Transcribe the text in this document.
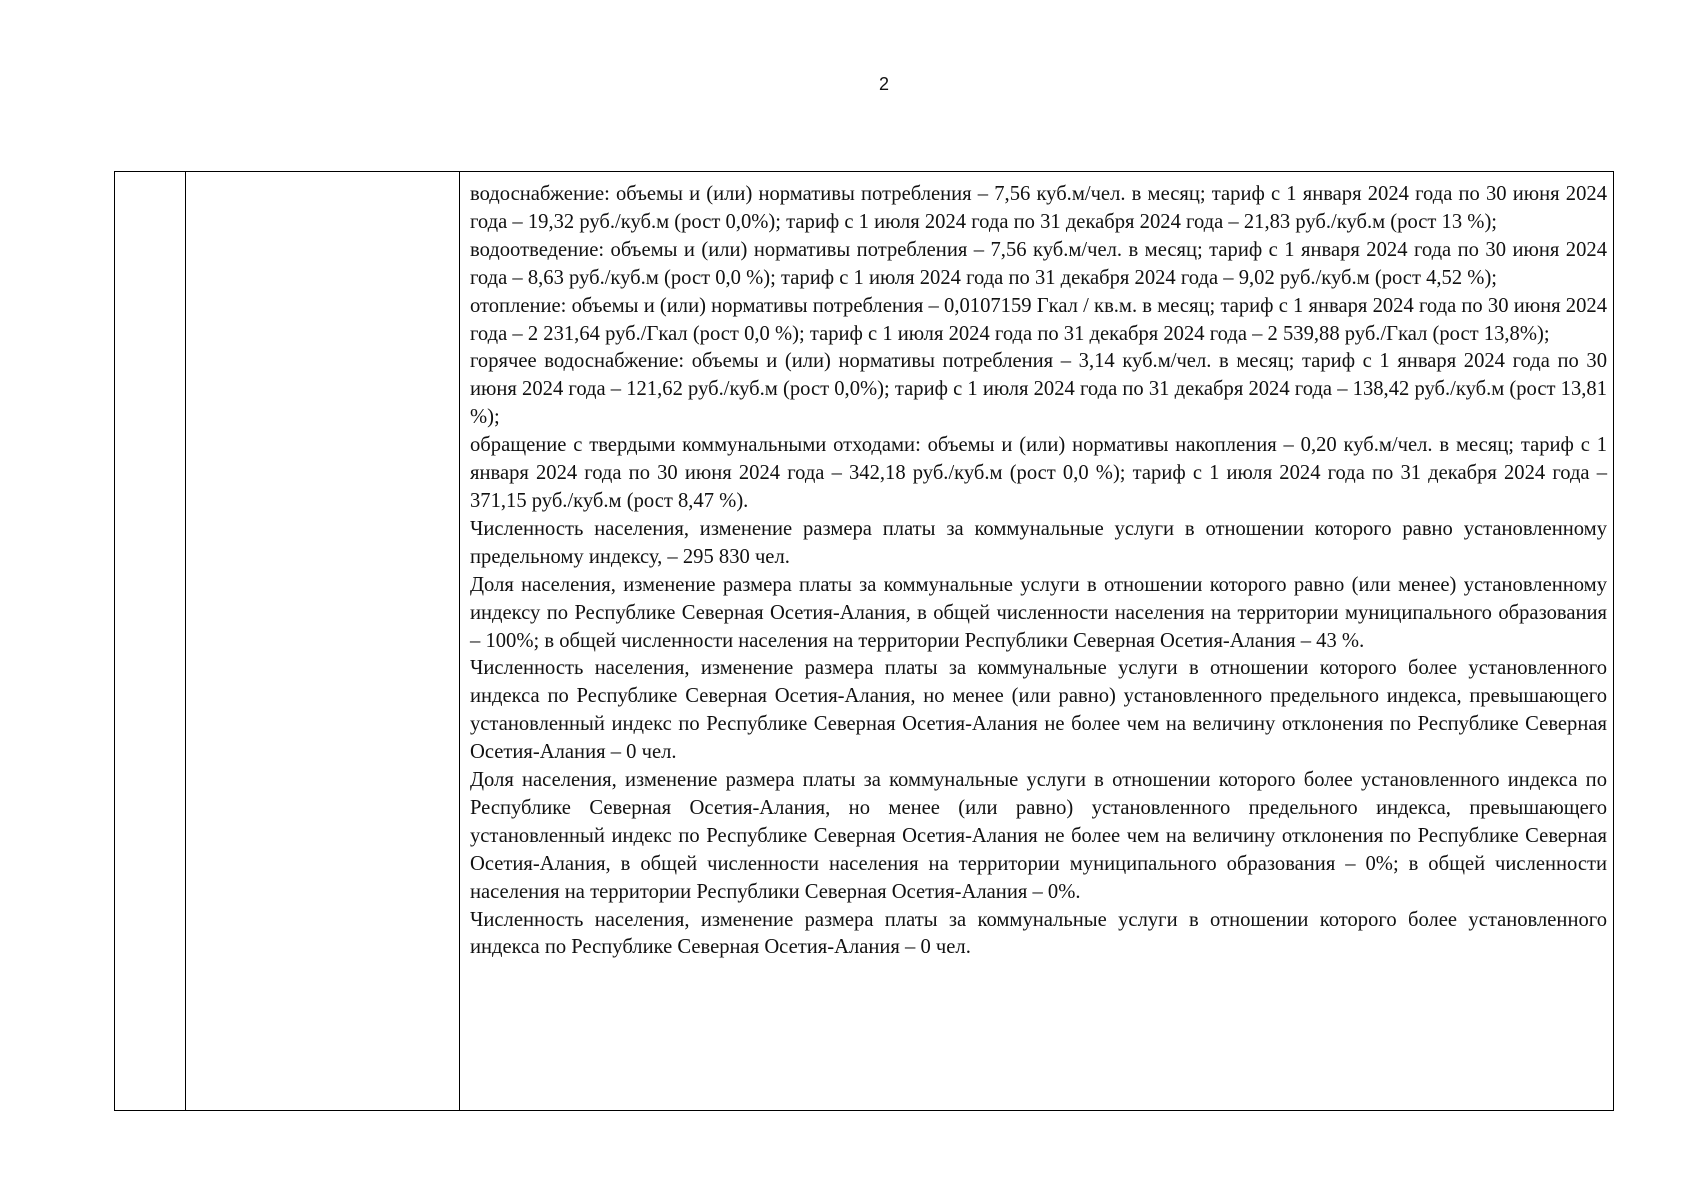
2

водоснабжение: объемы и (или) нормативы потребления – 7,56 куб.м/чел. в месяц; тариф с 1 января 2024 года по 30 июня 2024 года – 19,32 руб./куб.м (рост 0,0%); тариф с 1 июля 2024 года по 31 декабря 2024 года – 21,83 руб./куб.м (рост 13 %);

водоотведение: объемы и (или) нормативы потребления – 7,56 куб.м/чел. в месяц; тариф с 1 января 2024 года по 30 июня 2024 года – 8,63 руб./куб.м (рост 0,0 %); тариф с 1 июля 2024 года по 31 декабря 2024 года – 9,02 руб./куб.м (рост 4,52 %);

отопление: объемы и (или) нормативы потребления – 0,0107159 Гкал / кв.м. в месяц; тариф с 1 января 2024 года по 30 июня 2024 года – 2 231,64 руб./Гкал (рост 0,0 %); тариф с 1 июля 2024 года по 31 декабря 2024 года – 2 539,88 руб./Гкал (рост 13,8%);

горячее водоснабжение: объемы и (или) нормативы потребления – 3,14 куб.м/чел. в месяц; тариф с 1 января 2024 года по 30 июня 2024 года – 121,62 руб./куб.м (рост 0,0%); тариф с 1 июля 2024 года по 31 декабря 2024 года – 138,42 руб./куб.м (рост 13,81 %);

обращение с твердыми коммунальными отходами: объемы и (или) нормативы накопления – 0,20 куб.м/чел. в месяц; тариф с 1 января 2024 года по 30 июня 2024 года – 342,18 руб./куб.м (рост 0,0 %); тариф с 1 июля 2024 года по 31 декабря 2024 года –371,15 руб./куб.м (рост 8,47 %).

Численность населения, изменение размера платы за коммунальные услуги в отношении которого равно установленному предельному индексу, – 295 830 чел.

Доля населения, изменение размера платы за коммунальные услуги в отношении которого равно (или менее) установленному индексу по Республике Северная Осетия-Алания, в общей численности населения на территории муниципального образования – 100%; в общей численности населения на территории Республики Северная Осетия-Алания – 43 %.

Численность населения, изменение размера платы за коммунальные услуги в отношении которого более установленного индекса по Республике Северная Осетия-Алания, но менее (или равно) установленного предельного индекса, превышающего установленный индекс по Республике Северная Осетия-Алания не более чем на величину отклонения по Республике Северная Осетия-Алания – 0 чел.

Доля населения, изменение размера платы за коммунальные услуги в отношении которого более установленного индекса по Республике Северная Осетия-Алания, но менее (или равно) установленного предельного индекса, превышающего установленный индекс по Республике Северная Осетия-Алания не более чем на величину отклонения по Республике Северная Осетия-Алания, в общей численности населения на территории муниципального образования – 0%; в общей численности населения на территории Республики Северная Осетия-Алания – 0%.

Численность населения, изменение размера платы за коммунальные услуги в отношении которого более установленного индекса по Республике Северная Осетия-Алания – 0 чел.
